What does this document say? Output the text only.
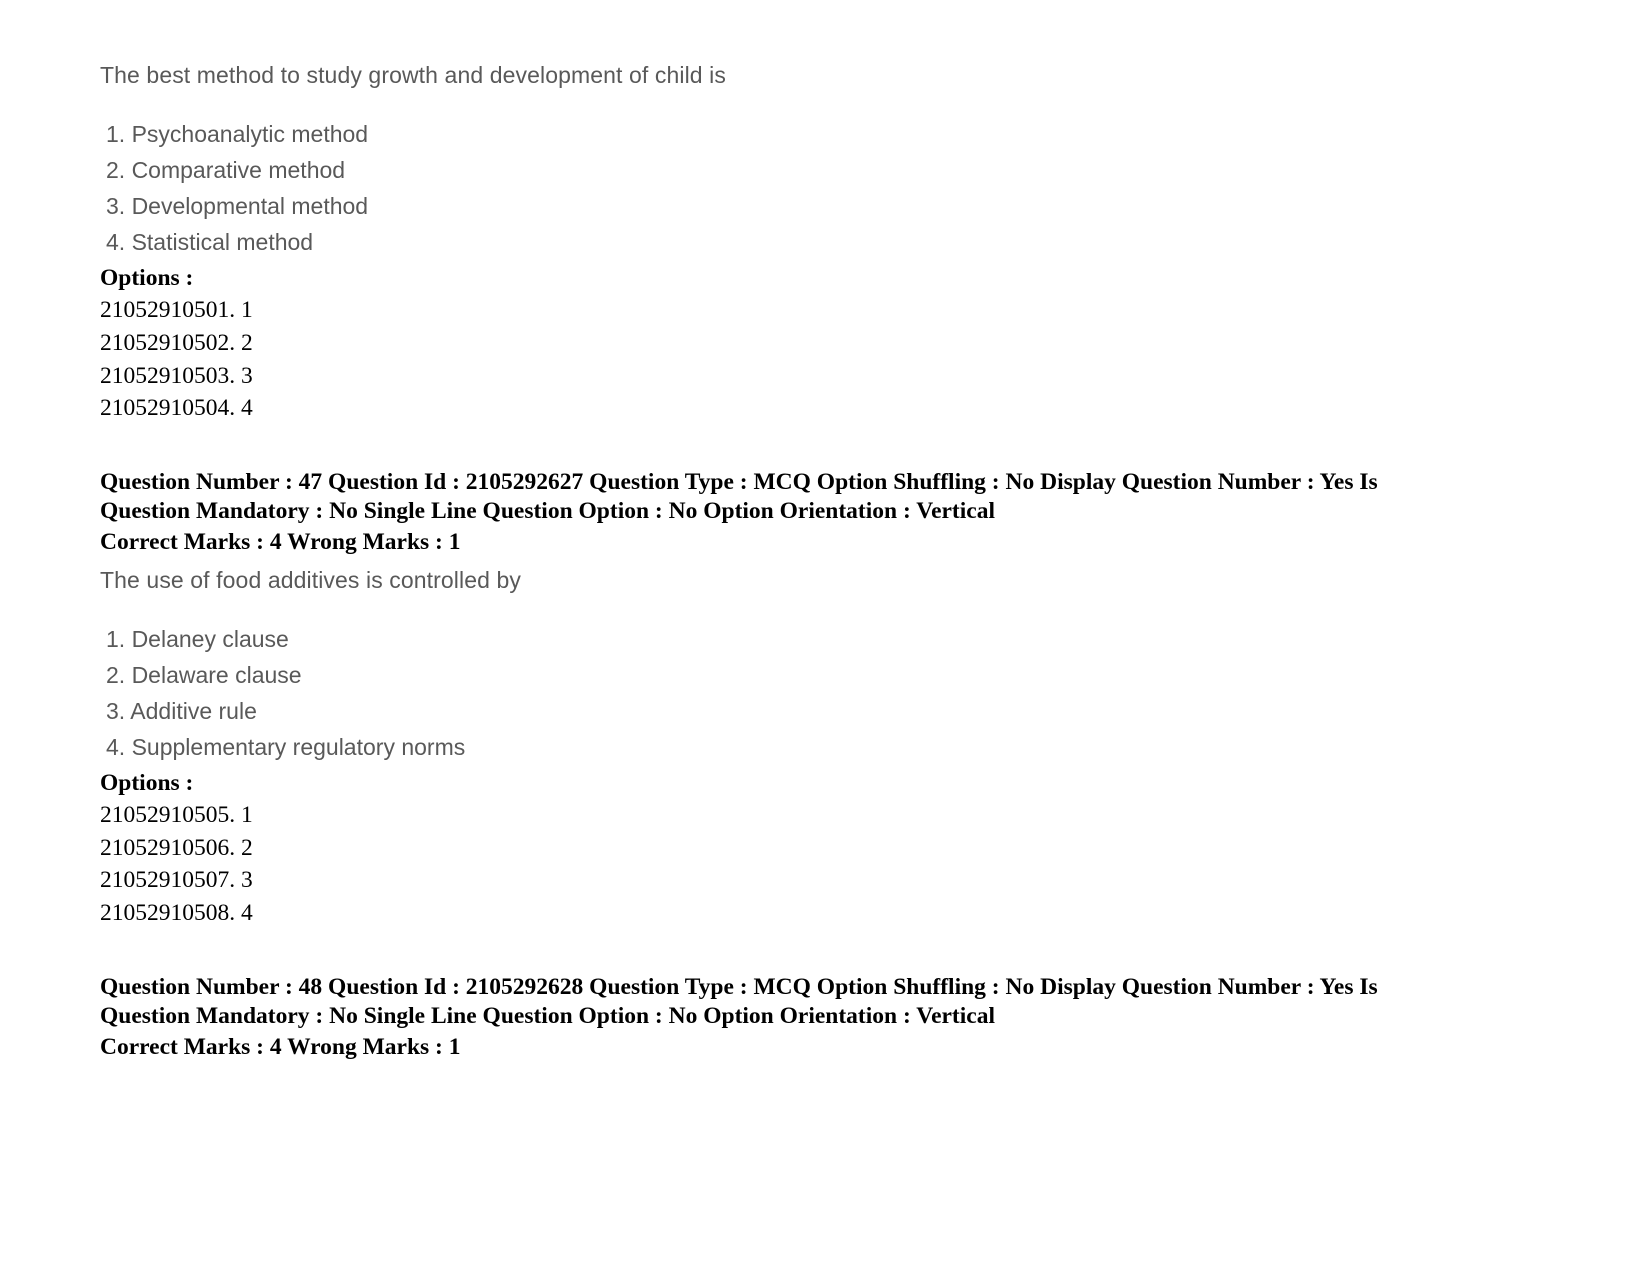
The best method to study growth and development of child is
1. Psychoanalytic method
2. Comparative method
3. Developmental method
4. Statistical method
Options :
21052910501. 1
21052910502. 2
21052910503. 3
21052910504. 4
Question Number : 47 Question Id : 2105292627 Question Type : MCQ Option Shuffling : No Display Question Number : Yes Is
Question Mandatory : No Single Line Question Option : No Option Orientation : Vertical
Correct Marks : 4 Wrong Marks : 1
The use of food additives is controlled by
1. Delaney clause
2. Delaware clause
3. Additive rule
4. Supplementary regulatory norms
Options :
21052910505. 1
21052910506. 2
21052910507. 3
21052910508. 4
Question Number : 48 Question Id : 2105292628 Question Type : MCQ Option Shuffling : No Display Question Number : Yes Is
Question Mandatory : No Single Line Question Option : No Option Orientation : Vertical
Correct Marks : 4 Wrong Marks : 1
